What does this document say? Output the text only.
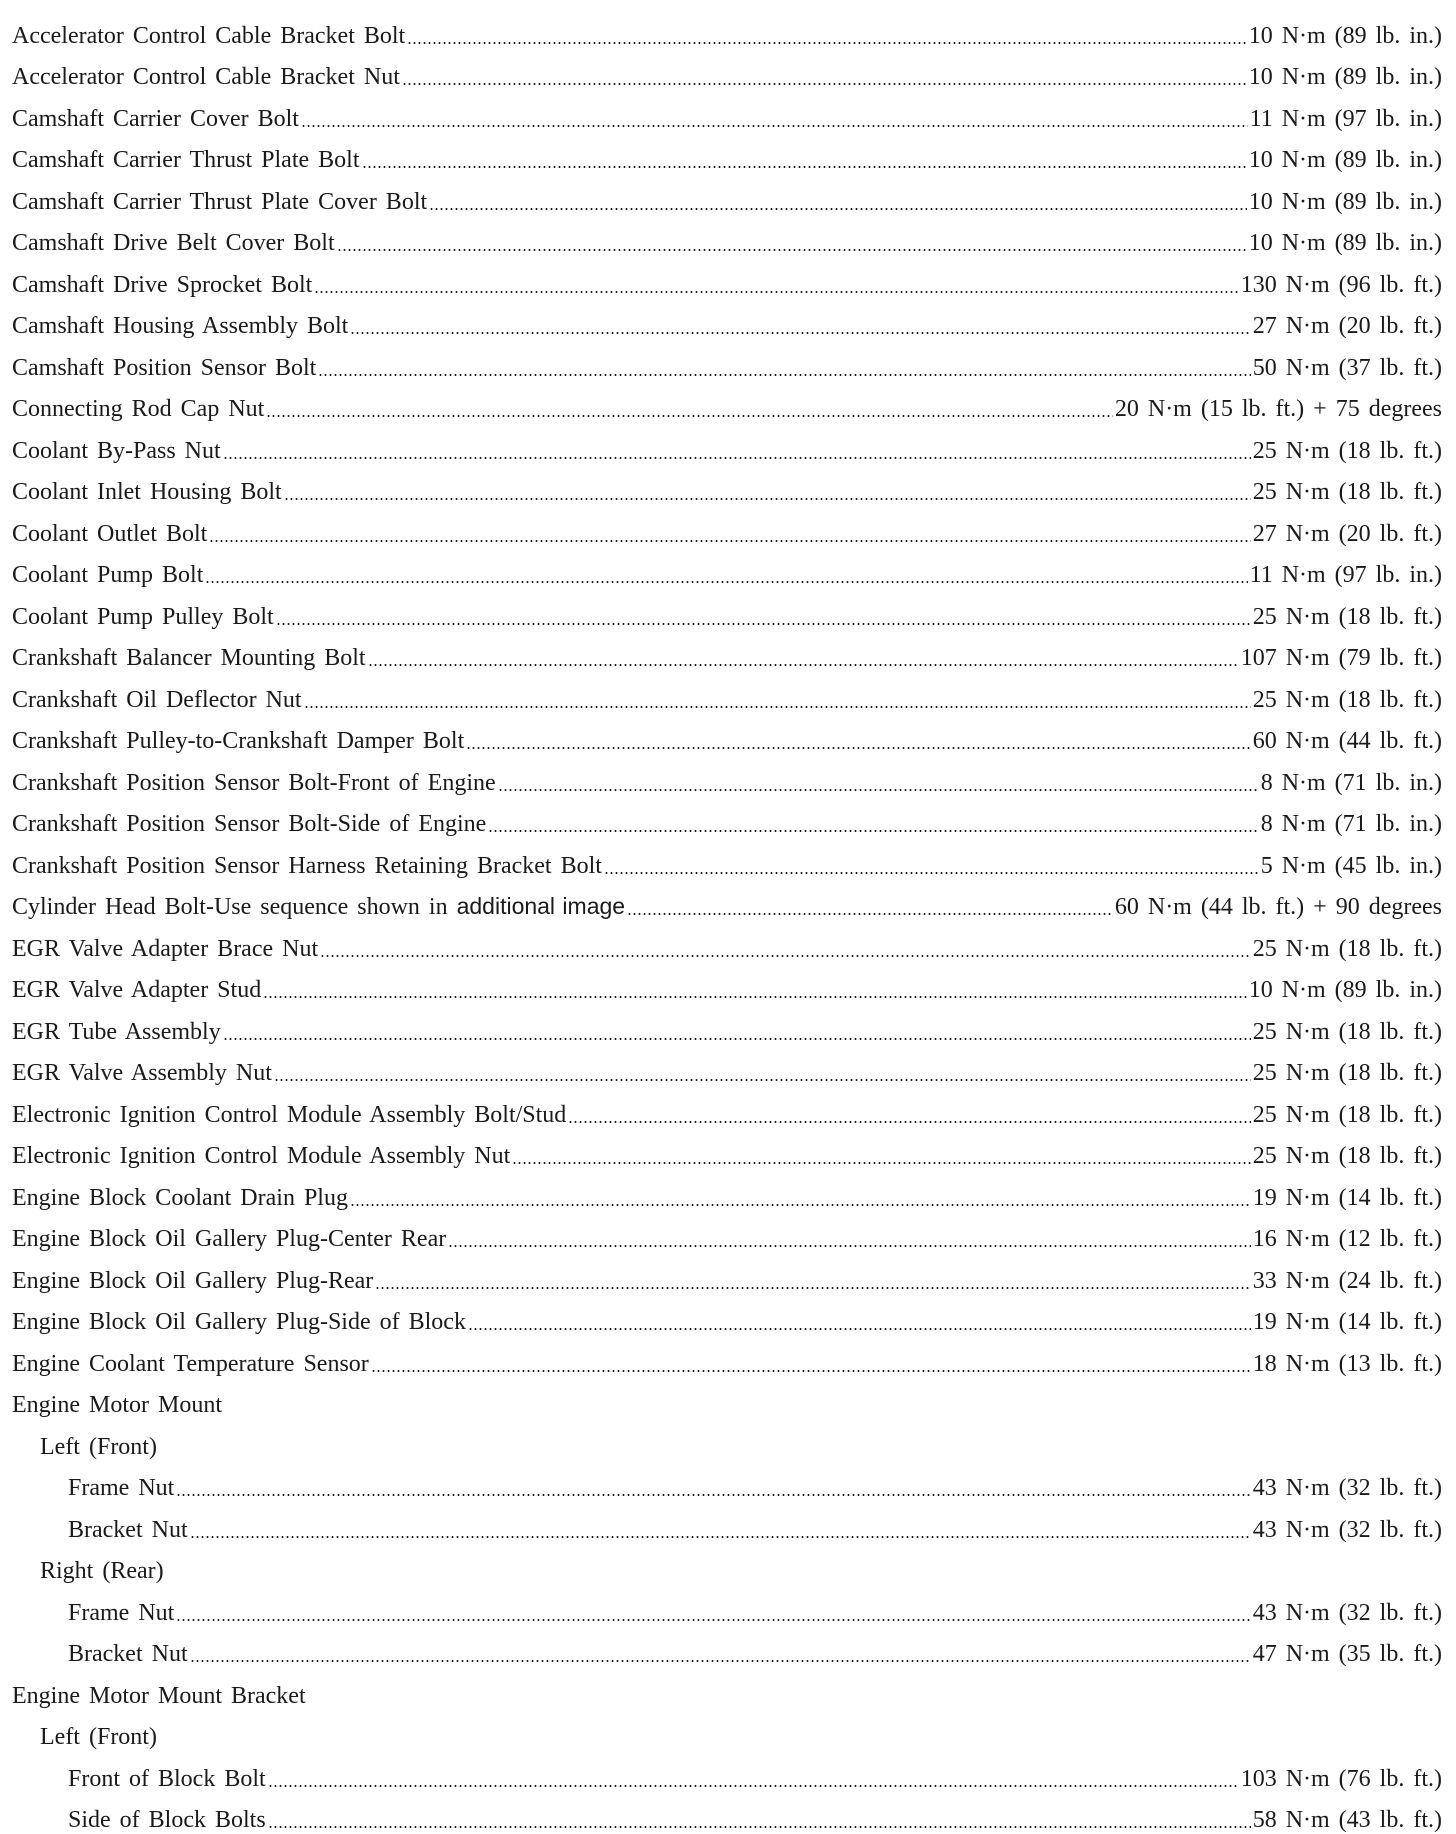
Accelerator Control Cable Bracket Bolt	10 N·m (89 lb. in.)
Accelerator Control Cable Bracket Nut	10 N·m (89 lb. in.)
Camshaft Carrier Cover Bolt	11 N·m (97 lb. in.)
Camshaft Carrier Thrust Plate Bolt	10 N·m (89 lb. in.)
Camshaft Carrier Thrust Plate Cover Bolt	10 N·m (89 lb. in.)
Camshaft Drive Belt Cover Bolt	10 N·m (89 lb. in.)
Camshaft Drive Sprocket Bolt	130 N·m (96 lb. ft.)
Camshaft Housing Assembly Bolt	27 N·m (20 lb. ft.)
Camshaft Position Sensor Bolt	50 N·m (37 lb. ft.)
Connecting Rod Cap Nut	20 N·m (15 lb. ft.) + 75 degrees
Coolant By-Pass Nut	25 N·m (18 lb. ft.)
Coolant Inlet Housing Bolt	25 N·m (18 lb. ft.)
Coolant Outlet Bolt	27 N·m (20 lb. ft.)
Coolant Pump Bolt	11 N·m (97 lb. in.)
Coolant Pump Pulley Bolt	25 N·m (18 lb. ft.)
Crankshaft Balancer Mounting Bolt	107 N·m (79 lb. ft.)
Crankshaft Oil Deflector Nut	25 N·m (18 lb. ft.)
Crankshaft Pulley-to-Crankshaft Damper Bolt	60 N·m (44 lb. ft.)
Crankshaft Position Sensor Bolt-Front of Engine	8 N·m (71 lb. in.)
Crankshaft Position Sensor Bolt-Side of Engine	8 N·m (71 lb. in.)
Crankshaft Position Sensor Harness Retaining Bracket Bolt	5 N·m (45 lb. in.)
Cylinder Head Bolt-Use sequence shown in additional image	60 N·m (44 lb. ft.) + 90 degrees
EGR Valve Adapter Brace Nut	25 N·m (18 lb. ft.)
EGR Valve Adapter Stud	10 N·m (89 lb. in.)
EGR Tube Assembly	25 N·m (18 lb. ft.)
EGR Valve Assembly Nut	25 N·m (18 lb. ft.)
Electronic Ignition Control Module Assembly Bolt/Stud	25 N·m (18 lb. ft.)
Electronic Ignition Control Module Assembly Nut	25 N·m (18 lb. ft.)
Engine Block Coolant Drain Plug	19 N·m (14 lb. ft.)
Engine Block Oil Gallery Plug-Center Rear	16 N·m (12 lb. ft.)
Engine Block Oil Gallery Plug-Rear	33 N·m (24 lb. ft.)
Engine Block Oil Gallery Plug-Side of Block	19 N·m (14 lb. ft.)
Engine Coolant Temperature Sensor	18 N·m (13 lb. ft.)
Engine Motor Mount
Left (Front)
Frame Nut	43 N·m (32 lb. ft.)
Bracket Nut	43 N·m (32 lb. ft.)
Right (Rear)
Frame Nut	43 N·m (32 lb. ft.)
Bracket Nut	47 N·m (35 lb. ft.)
Engine Motor Mount Bracket
Left (Front)
Front of Block Bolt	103 N·m (76 lb. ft.)
Side of Block Bolts	58 N·m (43 lb. ft.)
